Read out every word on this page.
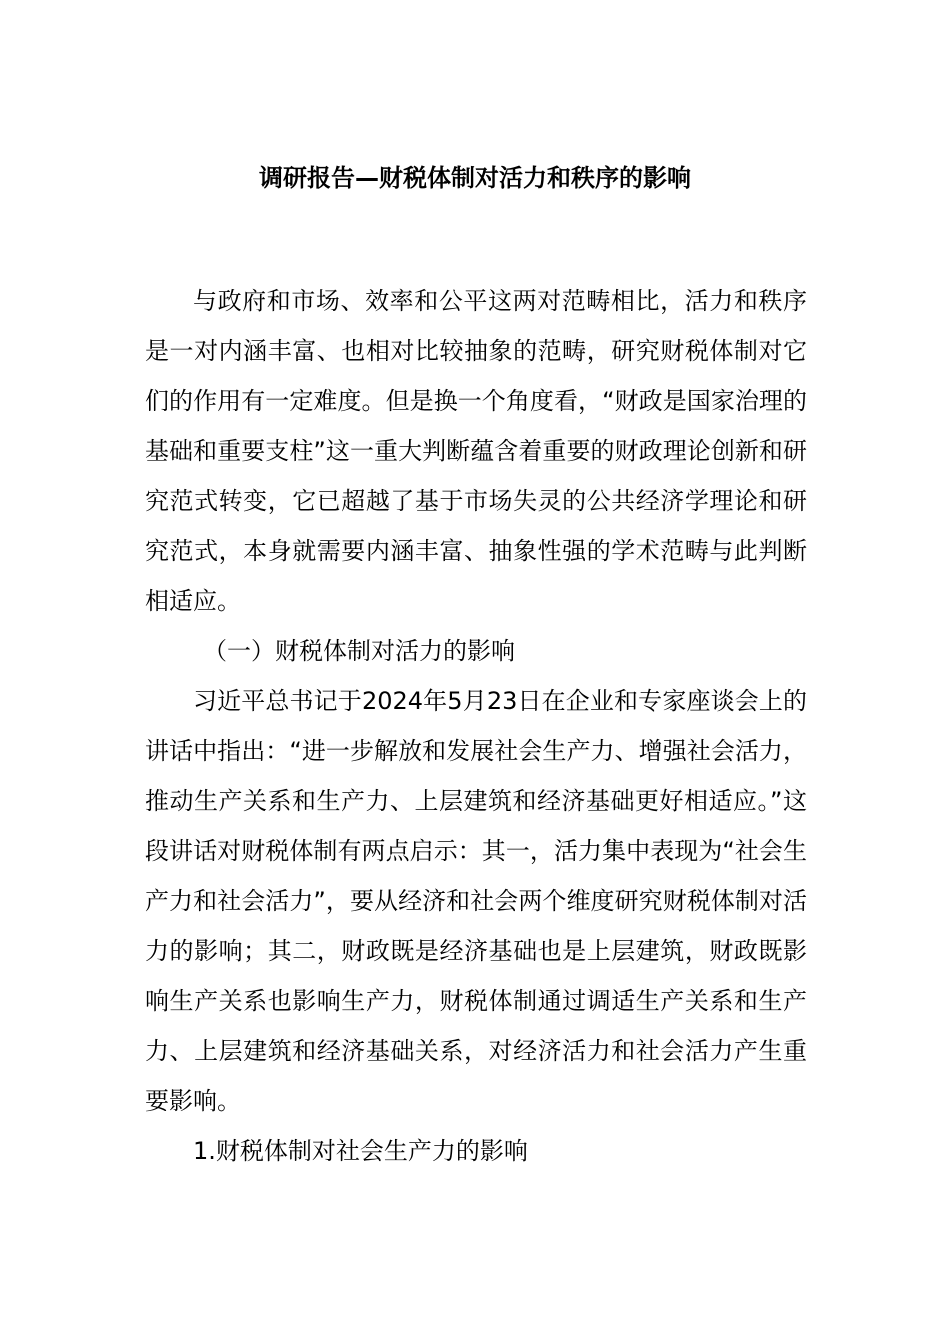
调研报告—财税体制对活力和秩序的影响

与政府和市场、效率和公平这两对范畴相比，活力和秩序是一对内涵丰富、也相对比较抽象的范畴，研究财税体制对它们的作用有一定难度。但是换一个角度看，“财政是国家治理的基础和重要支柱”这一重大判断蕴含着重要的财政理论创新和研究范式转变，它已超越了基于市场失灵的公共经济学理论和研究范式，本身就需要内涵丰富、抽象性强的学术范畴与此判断相适应。

（一）财税体制对活力的影响

习近平总书记于2024年5月23日在企业和专家座谈会上的讲话中指出：“进一步解放和发展社会生产力、增强社会活力，推动生产关系和生产力、上层建筑和经济基础更好相适应。”这段讲话对财税体制有两点启示：其一，活力集中表现为“社会生产力和社会活力”，要从经济和社会两个维度研究财税体制对活力的影响；其二，财政既是经济基础也是上层建筑，财政既影响生产关系也影响生产力，财税体制通过调适生产关系和生产力、上层建筑和经济基础关系，对经济活力和社会活力产生重要影响。

1.财税体制对社会生产力的影响
